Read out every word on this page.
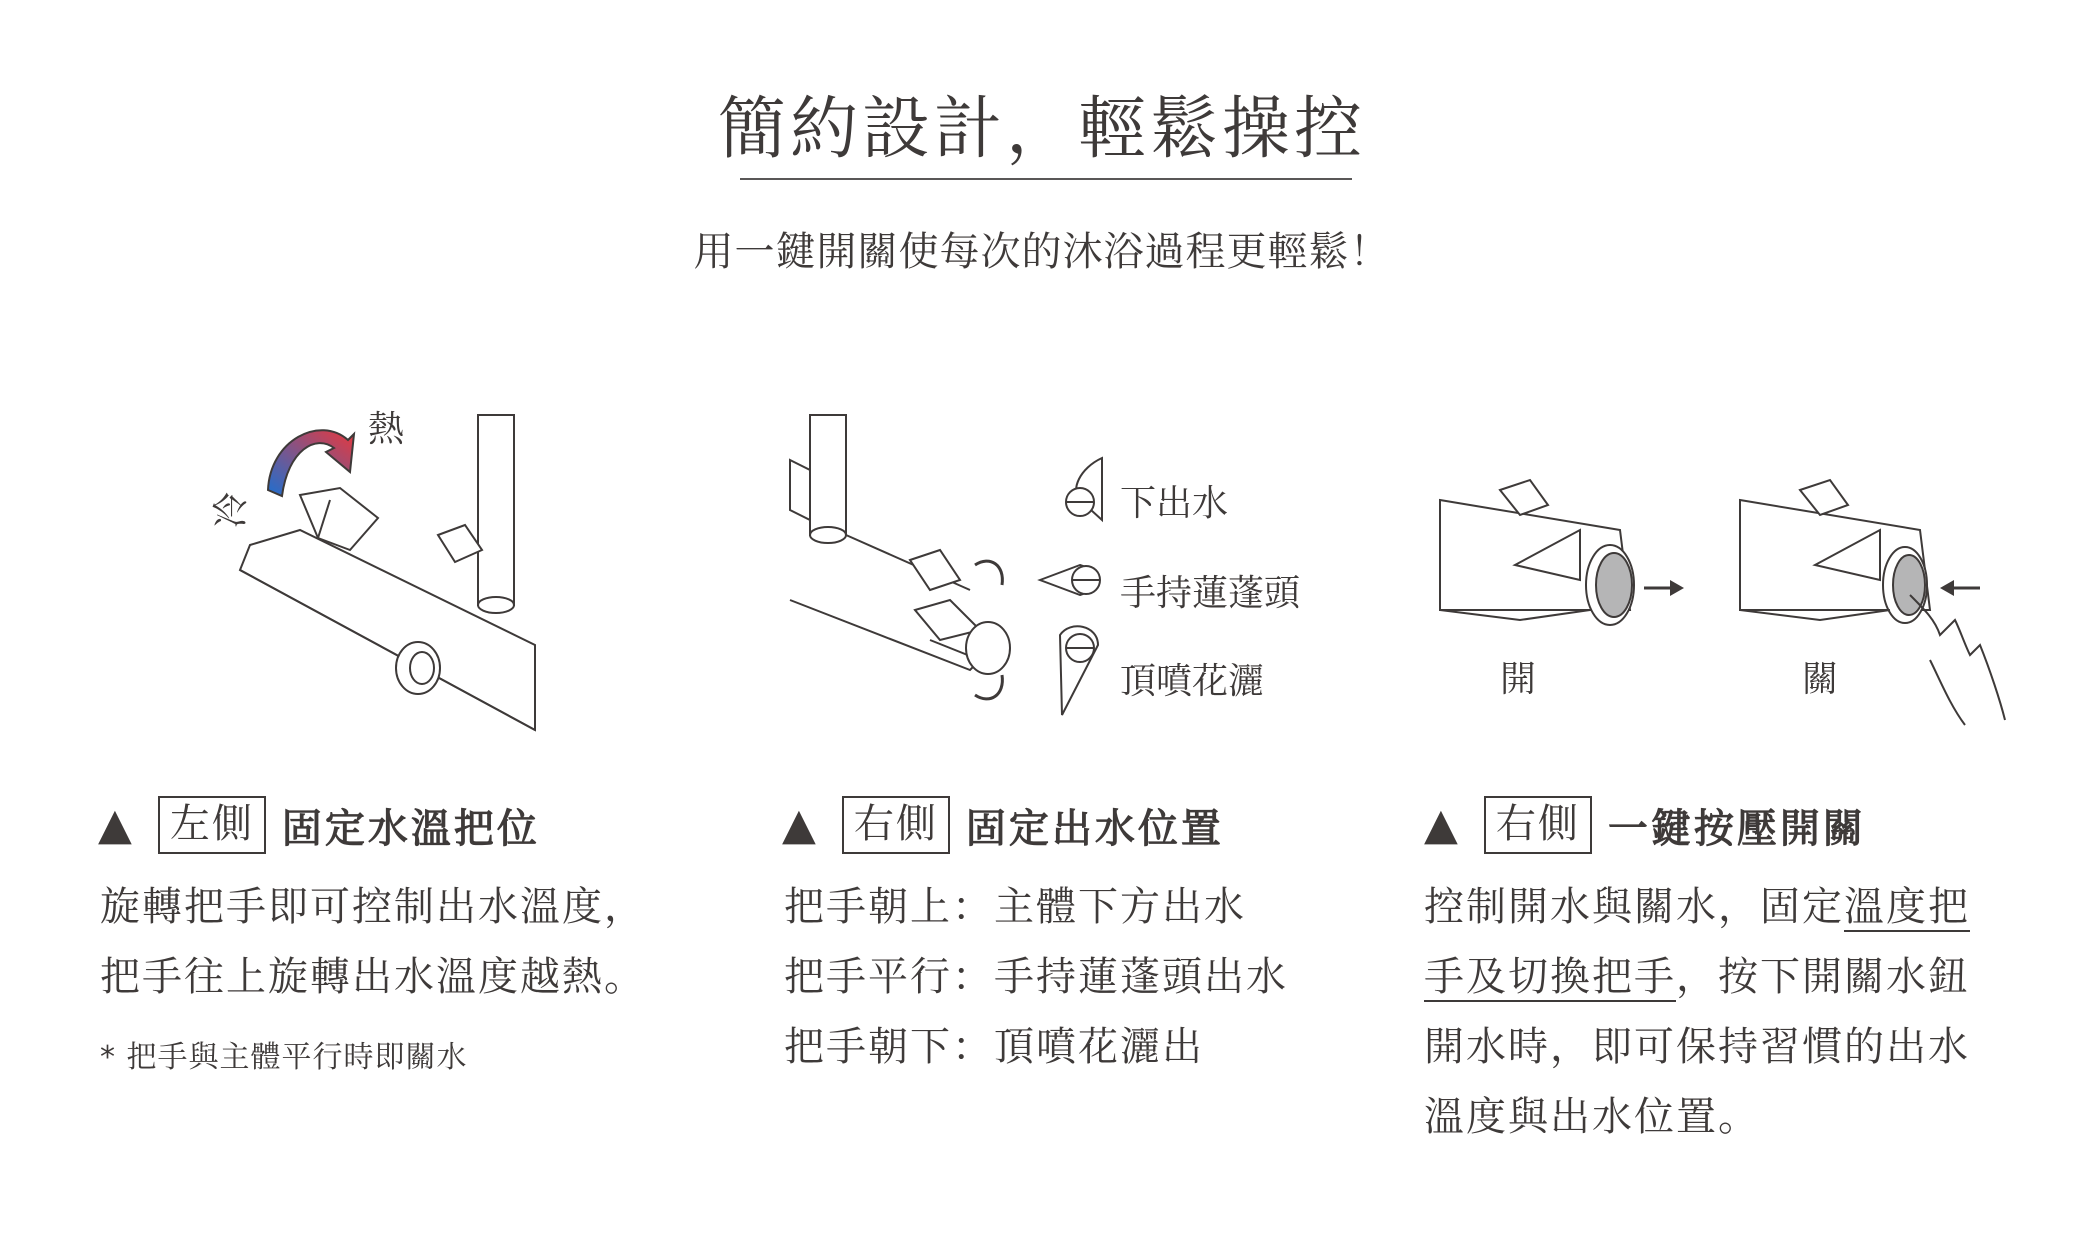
簡約設計，輕鬆操控
用一鍵開關使每次的沐浴過程更輕鬆！
熱
冷	下出水
手持蓮蓬頭
頂噴花灑	開	關
▲ 左側 固定水溫把位
旋轉把手即可控制出水溫度，
把手往上旋轉出水溫度越熱。
* 把手與主體平行時即關水
▲ 右側 固定出水位置
把手朝上：主體下方出水
把手平行：手持蓮蓬頭出水
把手朝下：頂噴花灑出
▲ 右側 一鍵按壓開關
控制開水與關水，固定溫度把
手及切換把手，按下開關水鈕
開水時，即可保持習慣的出水
溫度與出水位置。
